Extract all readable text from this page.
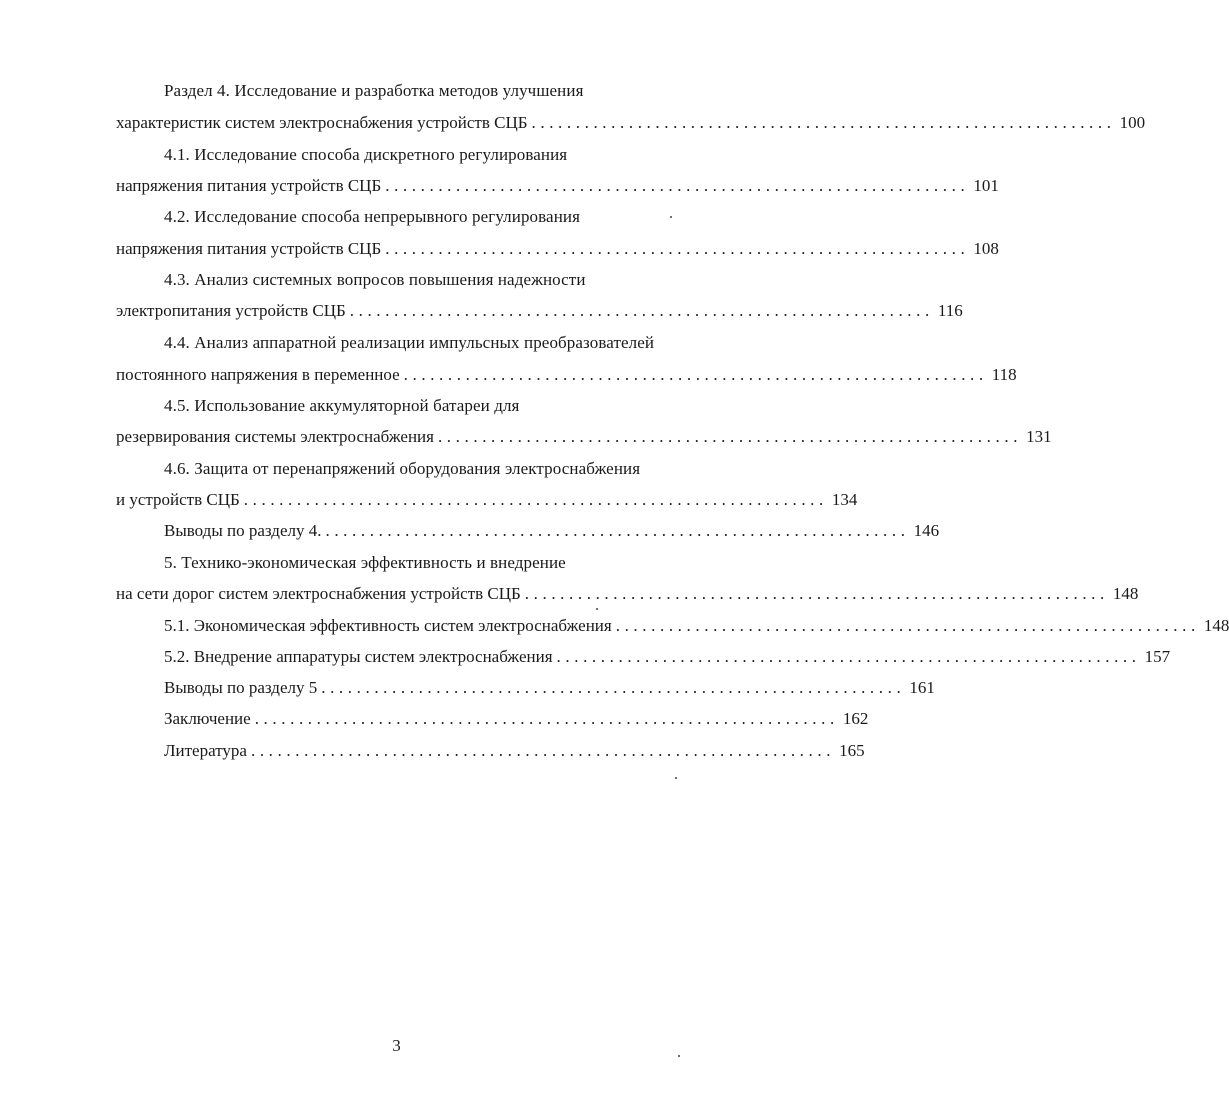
Раздел 4. Исследование и разработка методов улучшения
характеристик систем электроснабжения устройств СЦБ .................................................................. 100
4.1. Исследование способа дискретного регулирования
напряжения питания устройств СЦБ .................................................................. 101
4.2. Исследование способа непрерывного регулирования
напряжения питания устройств СЦБ .................................................................. 108
4.3. Анализ системных вопросов повышения надежности
электропитания устройств СЦБ .................................................................. 116
4.4. Анализ аппаратной реализации импульсных преобразователей
постоянного напряжения в переменное .................................................................. 118
4.5. Использование аккумуляторной батареи для
резервирования системы электроснабжения .................................................................. 131
4.6. Защита от перенапряжений оборудования электроснабжения
и устройств СЦБ .................................................................. 134
Выводы по разделу 4. .................................................................. 146
5. Технико-экономическая эффективность и внедрение
на сети дорог систем электроснабжения устройств СЦБ .................................................................. 148
5.1. Экономическая эффективность систем электроснабжения .................................................................. 148
5.2. Внедрение аппаратуры систем электроснабжения .................................................................. 157
Выводы по разделу 5 .................................................................. 161
Заключение .................................................................. 162
Литература .................................................................. 165
3
